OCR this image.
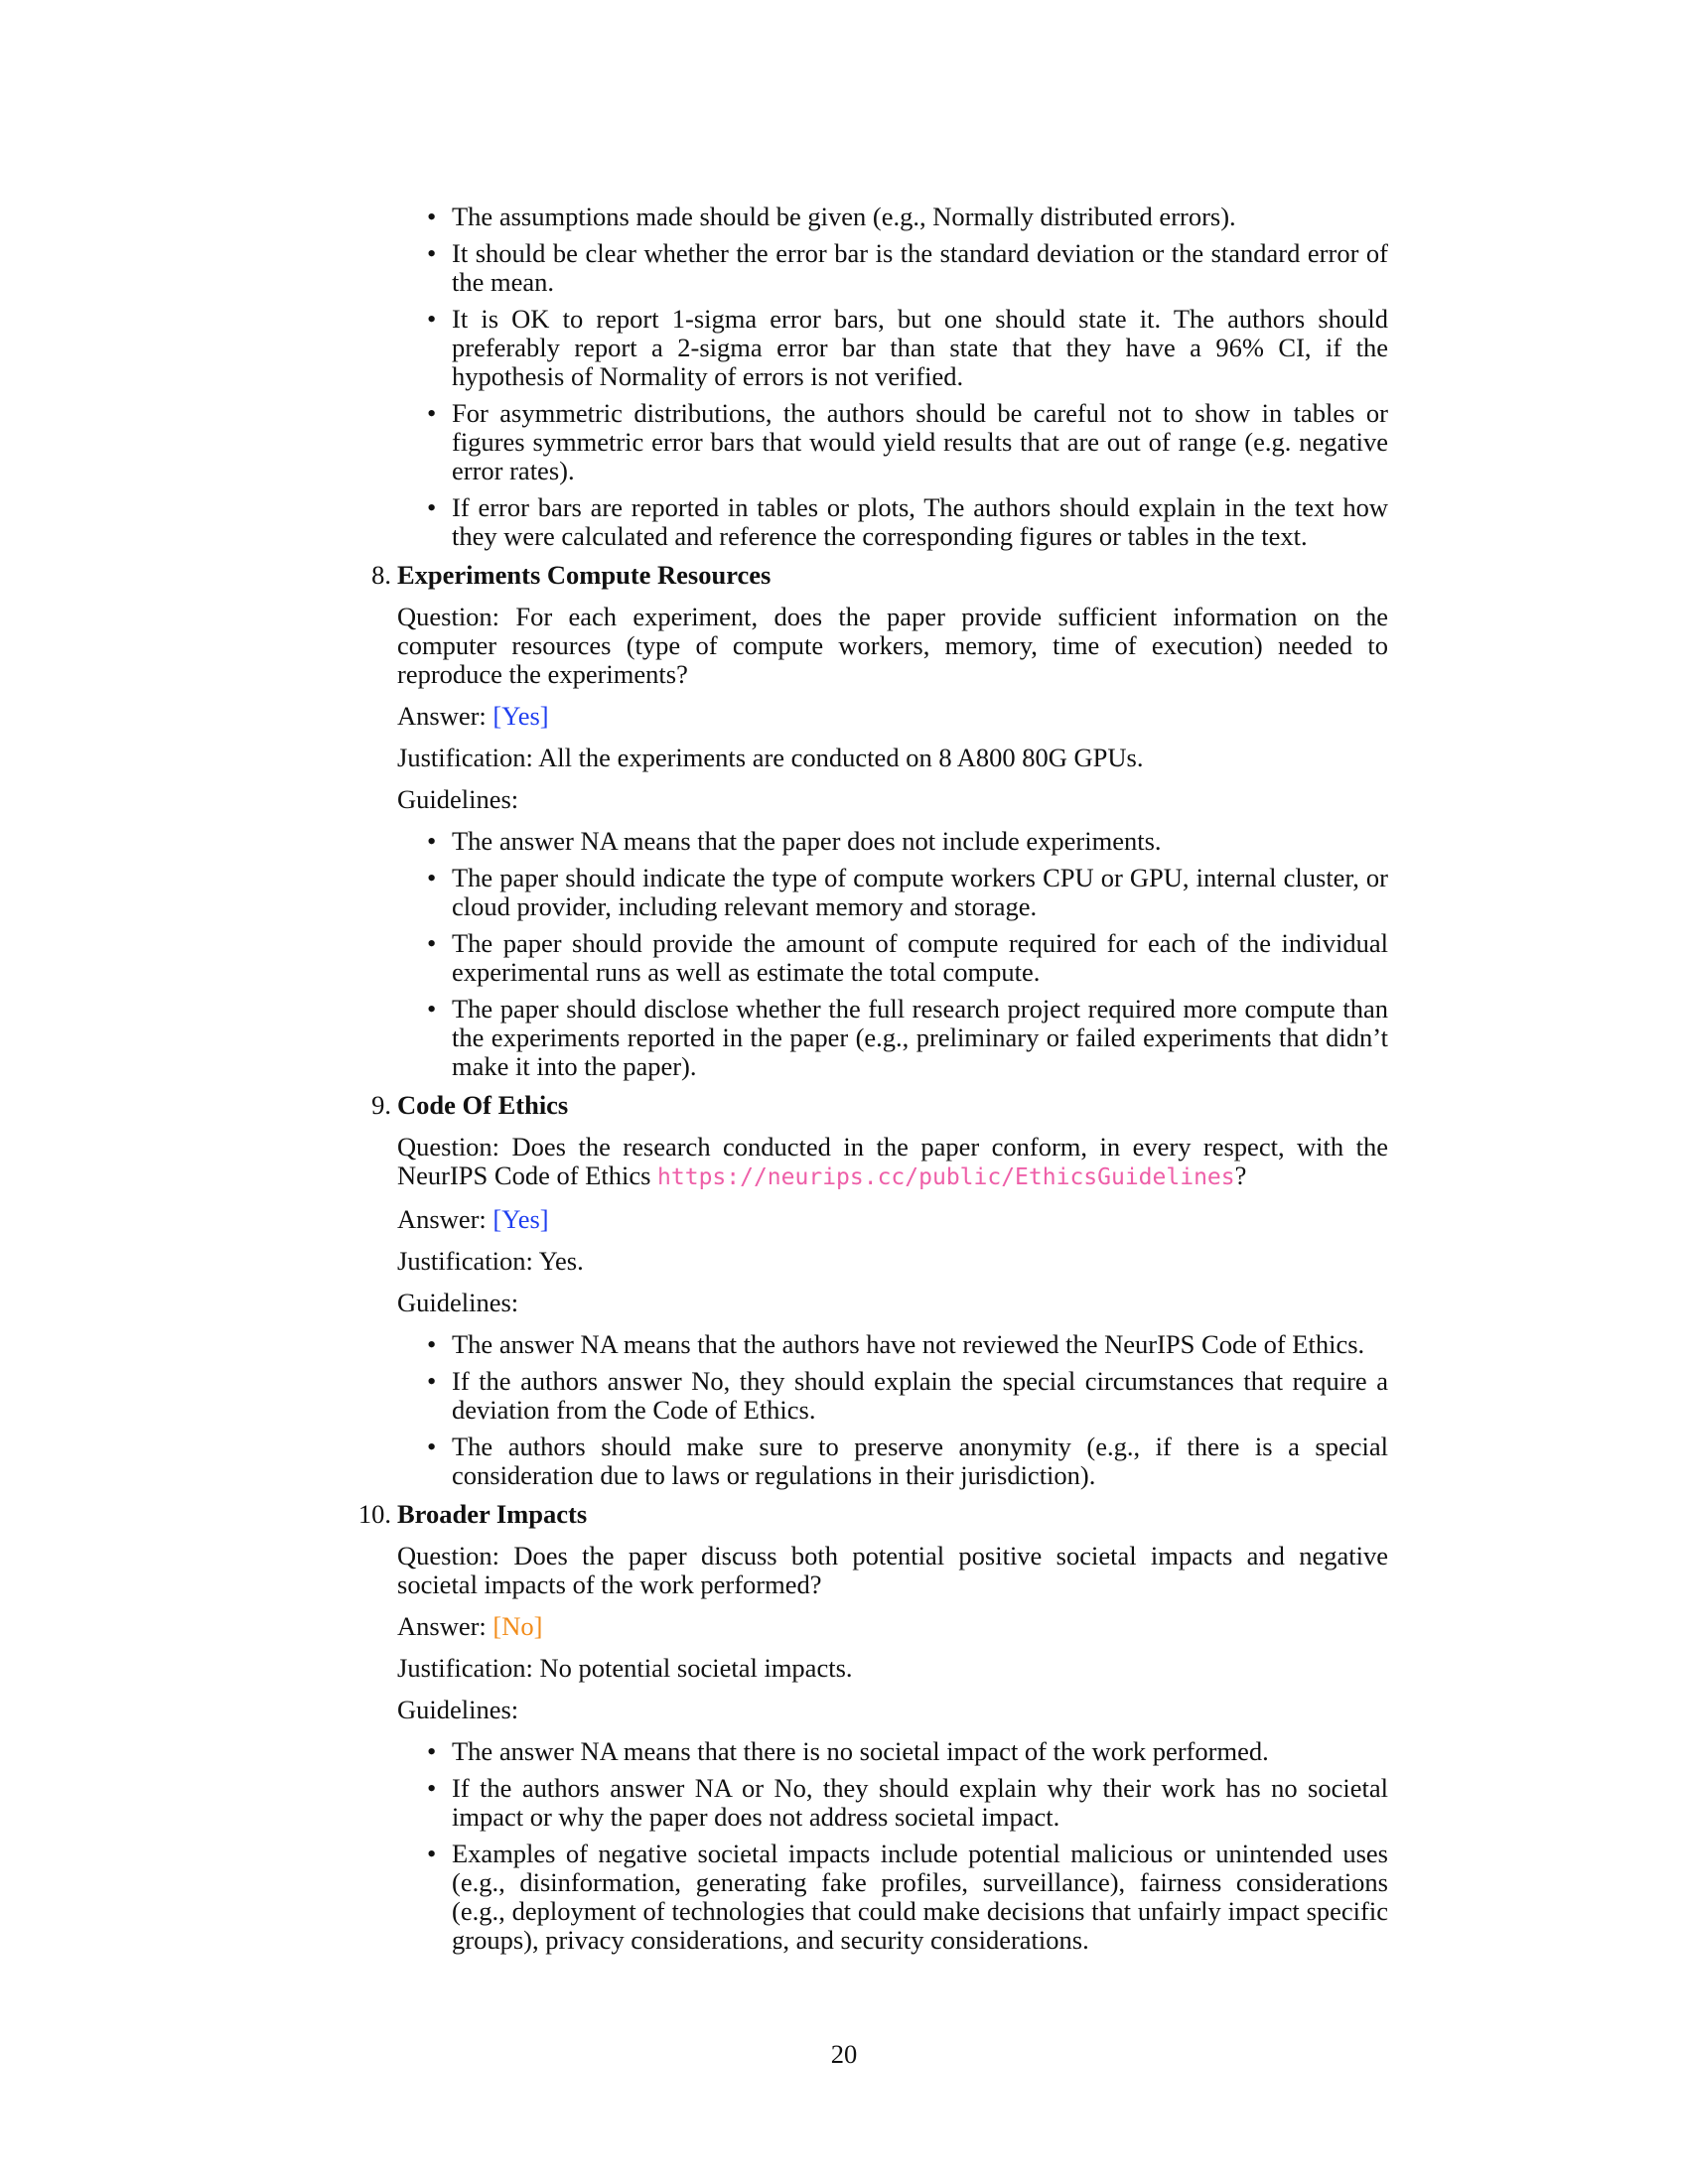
• The assumptions made should be given (e.g., Normally distributed errors).
• It should be clear whether the error bar is the standard deviation or the standard error of the mean.
• It is OK to report 1-sigma error bars, but one should state it. The authors should preferably report a 2-sigma error bar than state that they have a 96% CI, if the hypothesis of Normality of errors is not verified.
• For asymmetric distributions, the authors should be careful not to show in tables or figures symmetric error bars that would yield results that are out of range (e.g. negative error rates).
• If error bars are reported in tables or plots, The authors should explain in the text how they were calculated and reference the corresponding figures or tables in the text.
8. Experiments Compute Resources
Question: For each experiment, does the paper provide sufficient information on the computer resources (type of compute workers, memory, time of execution) needed to reproduce the experiments?
Answer: [Yes]
Justification: All the experiments are conducted on 8 A800 80G GPUs.
Guidelines:
• The answer NA means that the paper does not include experiments.
• The paper should indicate the type of compute workers CPU or GPU, internal cluster, or cloud provider, including relevant memory and storage.
• The paper should provide the amount of compute required for each of the individual experimental runs as well as estimate the total compute.
• The paper should disclose whether the full research project required more compute than the experiments reported in the paper (e.g., preliminary or failed experiments that didn’t make it into the paper).
9. Code Of Ethics
Question: Does the research conducted in the paper conform, in every respect, with the NeurIPS Code of Ethics https://neurips.cc/public/EthicsGuidelines?
Answer: [Yes]
Justification: Yes.
Guidelines:
• The answer NA means that the authors have not reviewed the NeurIPS Code of Ethics.
• If the authors answer No, they should explain the special circumstances that require a deviation from the Code of Ethics.
• The authors should make sure to preserve anonymity (e.g., if there is a special consideration due to laws or regulations in their jurisdiction).
10. Broader Impacts
Question: Does the paper discuss both potential positive societal impacts and negative societal impacts of the work performed?
Answer: [No]
Justification: No potential societal impacts.
Guidelines:
• The answer NA means that there is no societal impact of the work performed.
• If the authors answer NA or No, they should explain why their work has no societal impact or why the paper does not address societal impact.
• Examples of negative societal impacts include potential malicious or unintended uses (e.g., disinformation, generating fake profiles, surveillance), fairness considerations (e.g., deployment of technologies that could make decisions that unfairly impact specific groups), privacy considerations, and security considerations.
20
